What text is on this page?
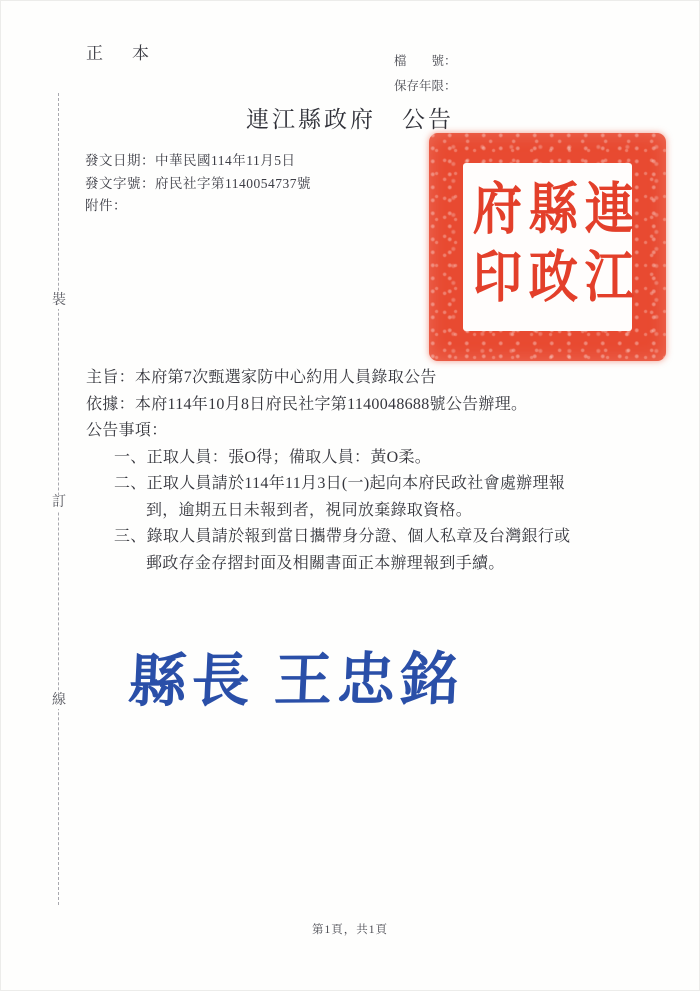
裝
訂
線
正　本	檔　　號：
保存年限：
連江縣政府　公告
發文日期：中華民國114年11月5日
發文字號：府民社字第1140054737號
附件：	連江
縣政
府印
主旨：本府第7次甄選家防中心約用人員錄取公告
依據：本府114年10月8日府民社字第1140048688號公告辦理。
公告事項：
一、正取人員：張O得；備取人員：黃O柔。
二、正取人員請於114年11月3日(一)起向本府民政社會處辦理報
到，逾期五日未報到者，視同放棄錄取資格。
三、錄取人員請於報到當日攜帶身分證、個人私章及台灣銀行或
郵政存金存摺封面及相關書面正本辦理報到手續。
縣長 王忠銘
第1頁，共1頁
